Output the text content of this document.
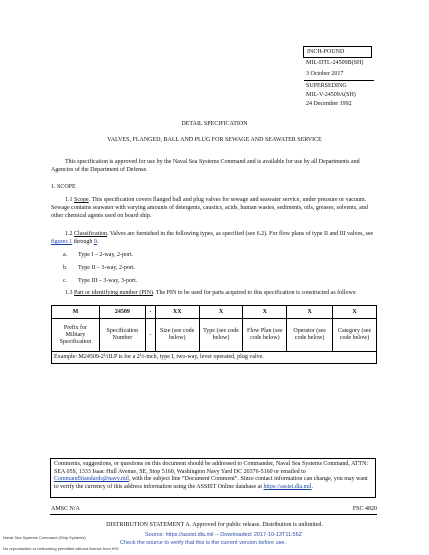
INCH-POUND
MIL-DTL-24509B(SH)
3 October 2017
SUPERSEDING
MIL-V-24509A(SH)
24 December 1992
DETAIL SPECIFICATION
VALVES, FLANGED, BALL AND PLUG FOR SEWAGE AND SEAWATER SERVICE
This specification is approved for use by the Naval Sea Systems Command and is available for use by all Departments and Agencies of the Department of Defense.
1. SCOPE
1.1 Scope. This specification covers flanged ball and plug valves for sewage and seawater service, under pressure or vacuum. Sewage contains seawater with varying amounts of detergents, caustics, acids, human wastes, sediments, oils, greases, solvents, and other chemical agents used on board ship.
1.2 Classification. Valves are furnished in the following types, as specified (see 6.2). For flow plans of type II and III valves, see figures 1 through 9.
a. Type I – 2-way, 2-port.
b. Type II – 3-way, 2-port.
c. Type III – 3-way, 3-port.
1.3 Part or identifying number (PIN). The PIN to be used for parts acquired to this specification is constructed as follows:
M	24509	-	XX	X	X	X	X
Prefix for Military Specification	Specification Number	-	Size (see code below)	Type (see code below)	Flow Plan (see code below)	Operator (see code below)	Category (see code below)
Example: M24509-2½ILP is for a 2½-inch, type I, two-way, lever operated, plug valve.							
Comments, suggestions, or questions on this document should be addressed to Commander, Naval Sea Systems Command, ATTN: SEA 05S, 1333 Isaac Hull Avenue, SE, Stop 5160, Washington Navy Yard DC 20376-5160 or emailed to CommandStandards@navy.mil, with the subject line “Document Comment”. Since contact information can change, you may want to verify the currency of this address information using the ASSIST Online database at https://assist.dla.mil.
AMSC N/A	FSC 4820
DISTRIBUTION STATEMENT A. Approved for public release. Distribution is unlimited.
Naval Sea Systems Command (Ship Systems)
No reproduction or networking permitted without license from IHS
Source: https://assist.dla.mil -- Downloaded: 2017-10-13T11:56Z
Check the source to verify that this is the current version before use.
